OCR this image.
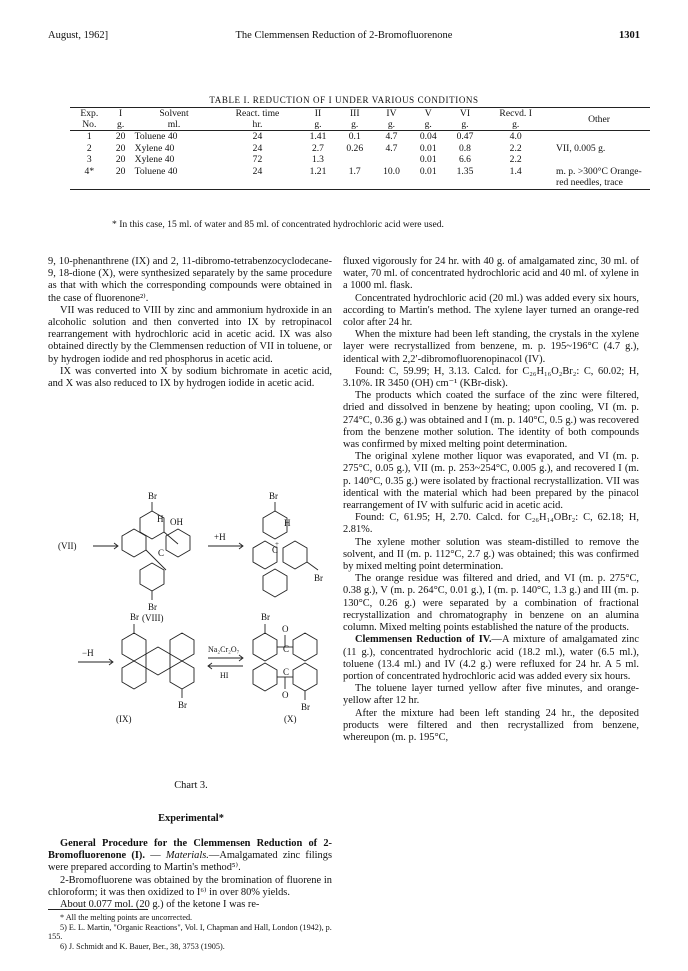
August, 1962]	The Clemmensen Reduction of 2-Bromofluorenone	1301
TABLE I. REDUCTION OF I UNDER VARIOUS CONDITIONS
Exp.	I	Solvent	React. time	II	III	IV	V	VI	Recvd. I	Other
No.	g.	ml.	hr.	g.	g.	g.	g.	g.	g.	
1	20	Toluene 40	24	1.41	0.1	4.7	0.04	0.47	4.0	
2	20	Xylene 40	24	2.7	0.26	4.7	0.01	0.8	2.2	VII, 0.005 g.
3	20	Xylene 40	72	1.3			0.01	6.6	2.2	
4*	20	Toluene 40	24	1.21	1.7	10.0	0.01	1.35	1.4	m. p. >300°C Orange-red needles, trace
* In this case, 15 ml. of water and 85 ml. of concentrated hydrochloric acid were used.

9, 10-phenanthrene (IX) and 2, 11-dibromo-tetrabenzocyclodecane-9, 18-dione (X), were synthesized separately by the same procedure as that with which the corresponding compounds were obtained in the case of fluorenone²⁾.

VII was reduced to VIII by zinc and ammonium hydroxide in an alcoholic solution and then converted into IX by retropinacol rearrangement with hydrochloric acid in acetic acid. IX was also obtained directly by the Clemmensen reduction of VII in toluene, or by hydrogen iodide and red phosphorus in acetic acid.

IX was converted into X by sodium bichromate in acetic acid, and X was also reduced to IX by hydrogen iodide in acetic acid.

Br	Br
H OH
C	C
+
H
(VII)
+H
Br
Br
(VIII)
Br	Br
−H	Na₂Cr₂O₇
HI
O
O
C
C
Br	Br
(IX)	(X)
Chart 3.
Experimental*

General Procedure for the Clemmensen Reduction of 2-Bromofluorenone (I). — Materials.—Amalgamated zinc filings were prepared according to Martin's method⁵⁾.

2-Bromofluorene was obtained by the bromination of fluorene in chloroform; it was then oxidized to I⁶⁾ in over 80% yields.

About 0.077 mol. (20 g.) of the ketone I was re-

* All the melting points are uncorrected.
5) E. L. Martin, "Organic Reactions", Vol. I, Chapman and Hall, London (1942), p. 155.
6) J. Schmidt and K. Bauer, Ber., 38, 3753 (1905).

fluxed vigorously for 24 hr. with 40 g. of amalgamated zinc, 30 ml. of water, 70 ml. of concentrated hydrochloric acid and 40 ml. of xylene in a 1000 ml. flask.

Concentrated hydrochloric acid (20 ml.) was added every six hours, according to Martin's method. The xylene layer turned an orange-red color after 24 hr.

When the mixture had been left standing, the crystals in the xylene layer were recrystallized from benzene, m. p. 195~196°C (4.7 g.), identical with 2,2′-dibromofluorenopinacol (IV).

Found: C, 59.99; H, 3.13. Calcd. for C₂₆H₁₆O₂Br₂: C, 60.02; H, 3.10%. IR 3450 (OH) cm⁻¹ (KBr-disk).

The products which coated the surface of the zinc were filtered, dried and dissolved in benzene by heating; upon cooling, VI (m. p. 274°C, 0.36 g.) was obtained and I (m. p. 140°C, 0.5 g.) was recovered from the benzene mother solution. The identity of both compounds was confirmed by mixed melting point determination.

The original xylene mother liquor was evaporated, and VI (m. p. 275°C, 0.05 g.), VII (m. p. 253~254°C, 0.005 g.), and recovered I (m. p. 140°C, 0.35 g.) were isolated by fractional recrystallization. VII was identical with the material which had been prepared by the pinacol rearrangement of IV with sulfuric acid in acetic acid.

Found: C, 61.95; H, 2.70. Calcd. for C₂₆H₁₄OBr₂: C, 62.18; H, 2.81%.

The xylene mother solution was steam-distilled to remove the solvent, and II (m. p. 112°C, 2.7 g.) was obtained; this was confirmed by mixed melting point determination.

The orange residue was filtered and dried, and VI (m. p. 275°C, 0.38 g.), V (m. p. 264°C, 0.01 g.), I (m. p. 140°C, 1.3 g.) and III (m. p. 130°C, 0.26 g.) were separated by a combination of fractional recrystallization and chromatography in benzene on an alumina column. Mixed melting points established the nature of the products.

Clemmensen Reduction of IV.—A mixture of amalgamated zinc (11 g.), concentrated hydrochloric acid (18.2 ml.), water (6.5 ml.), toluene (13.4 ml.) and IV (4.2 g.) were refluxed for 24 hr. A 5 ml. portion of concentrated hydrochloric acid was added every six hours.

The toluene layer turned yellow after five minutes, and orange-yellow after 12 hr.

After the mixture had been left standing 24 hr., the deposited products were filtered and then recrystallized from benzene, whereupon (m. p. 195°C,
